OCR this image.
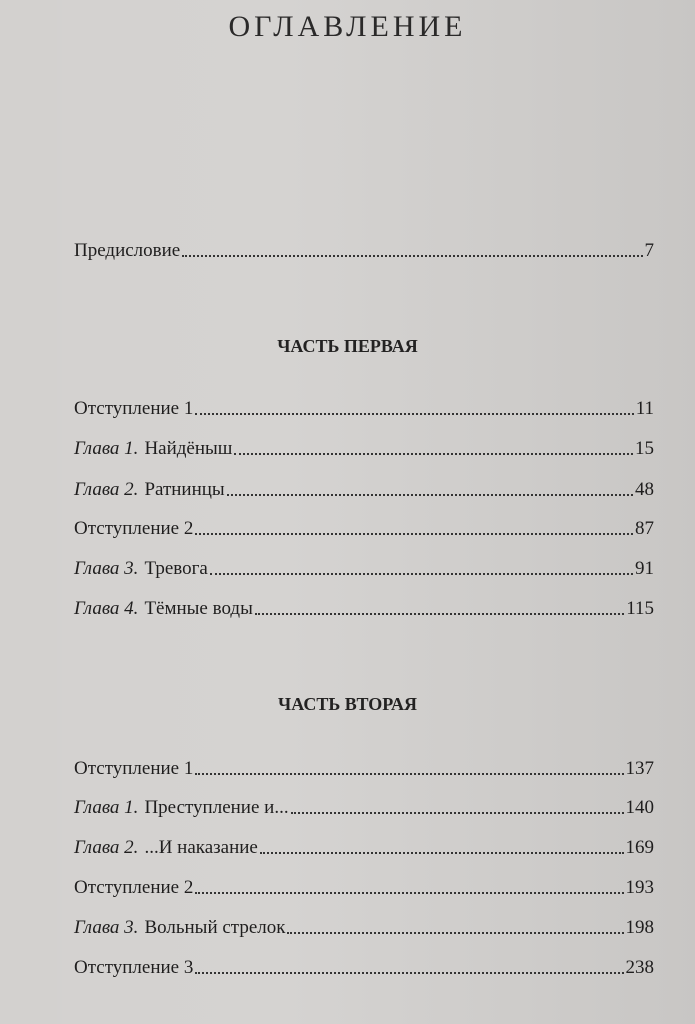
ОГЛАВЛЕНИЕ
Предисловие	7
ЧАСТЬ ПЕРВАЯ
Отступление 1	11
Глава 1. Найдёныш	15
Глава 2. Ратнинцы	48
Отступление 2	87
Глава 3. Тревога	91
Глава 4. Тёмные воды	115
ЧАСТЬ ВТОРАЯ
Отступление 1	137
Глава 1. Преступление и...	140
Глава 2. ...И наказание	169
Отступление 2	193
Глава 3. Вольный стрелок	198
Отступление 3	238
